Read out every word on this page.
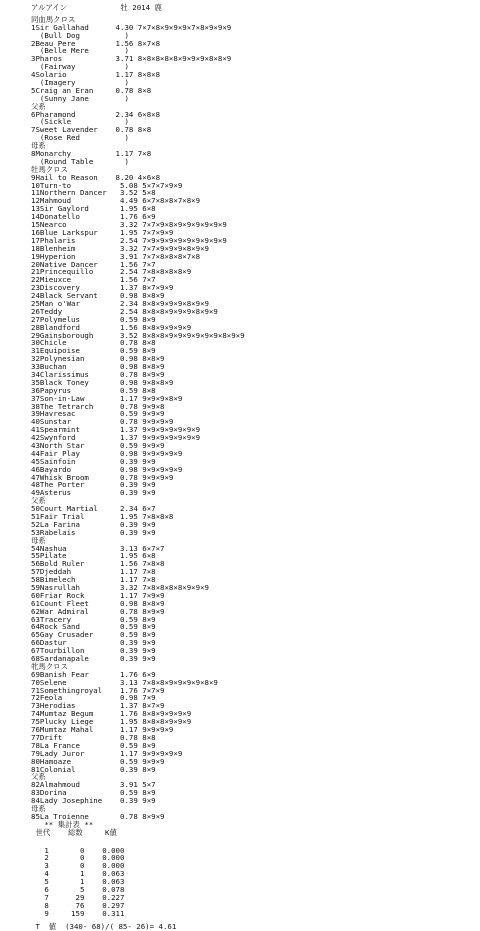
アルアイン	牡 2014 鹿
同血馬クロス
1Sir Gallahad      4.30 7×7×8×9×9×9×7×8×9×9×9
(Bull Dog          )
2Beau Pere         1.56 8×7×8
(Belle Mere        )
3Pharos            3.71 8×8×8×8×8×9×9×9×8×8×9
(Fairway           )
4Solario           1.17 8×8×8
(Imagery           )
5Craig an Eran     0.78 8×8
(Sunny Jane        )
父系
6Pharamond         2.34 6×8×8
(Sickle            )
7Sweet Lavender    0.78 8×8
(Rose Red          )
母系
8Monarchy          1.17 7×8
(Round Table       )
牡馬クロス
9Hail to Reason    8.20 4×6×8
10Turn-to           5.08 5×7×7×9×9
11Northern Dancer   3.52 5×8
12Mahmoud           4.49 6×7×8×8×7×8×9
13Sir Gaylord       1.95 6×8
14Donatello         1.76 6×9
15Nearco            3.32 7×7×9×8×9×9×9×9×9×9
16Blue Larkspur     1.95 7×7×9×9
17Phalaris          2.54 7×9×9×9×9×9×9×9×9×9
18Blenheim          3.32 7×7×9×9×9×8×9×9
19Hyperion          3.91 7×7×8×8×8×7×8
20Native Dancer     1.56 7×7
21Princequillo      2.54 7×8×8×8×8×9
22Mieuxce           1.56 7×7
23Discovery         1.37 8×7×9×9
24Black Servant     0.98 8×8×9
25Man o'War         2.34 8×8×9×9×9×8×9×9
26Teddy             2.54 8×8×8×9×9×9×8×9×9
27Polymelus         0.59 8×9
28Blandford         1.56 8×8×9×9×9×9
29Gainsborough      3.52 8×8×8×9×9×9×9×9×9×8×9×9
30Chicle            0.78 8×8
31Equipoise         0.59 8×9
32Polynesian        0.98 8×8×9
33Buchan            0.98 8×8×9
34Clarissimus       0.78 8×9×9
35Black Toney       0.98 9×8×8×9
36Papyrus           0.59 8×8
37Son-in-Law        1.17 9×9×9×8×9
38The Tetrarch      0.78 9×9×8
39Havresac          0.59 9×9×9
40Sunstar           0.78 9×9×9×9
41Spearmint         1.37 9×9×9×9×9×9×9
42Swynford          1.37 9×9×9×9×9×9×9
43North Star        0.59 9×9×9
44Fair Play         0.98 9×9×9×9×9
45Sainfoin          0.39 9×9
46Bayardo           0.98 9×9×9×9×9
47Whisk Broom       0.78 9×9×9×9
48The Porter        0.39 9×9
49Asterus           0.39 9×9
父系
50Court Martial     2.34 6×7
51Fair Trial        1.95 7×8×8×8
52La Farina         0.39 9×9
53Rabelais          0.39 9×9
母系
54Nashua            3.13 6×7×7
55Pilate            1.95 6×8
56Bold Ruler        1.56 7×8×8
57Djeddah           1.17 7×8
58Bimelech          1.17 7×8
59Nasrullah         3.32 7×8×8×8×8×9×9×9
60Friar Rock        1.17 7×9×9
61Count Fleet       0.98 8×8×9
62War Admiral       0.78 8×9×9
63Tracery           0.59 8×9
64Rock Sand         0.59 8×9
65Gay Crusader      0.59 8×9
66Dastur            0.39 9×9
67Tourbillon        0.39 9×9
68Sardanapale       0.39 9×9
牝馬クロス
69Banish Fear       1.76 6×9
70Selene            3.13 7×8×8×9×9×9×9×8×9
71Somethingroyal    1.76 7×7×9
72Feola             0.98 7×9
73Herodias          1.37 8×7×9
74Mumtaz Begum      1.76 8×8×9×9×9×9
75Plucky Liege      1.95 8×8×8×9×9×9
76Mumtaz Mahal      1.17 9×9×9×9
77Drift             0.78 8×8
78La France         0.59 8×9
79Lady Juror        1.17 9×9×9×9×9
80Hamoaze           0.59 9×9×9
81Colonial          0.39 8×9
父系
82Almahmoud         3.91 5×7
83Dorina            0.59 8×9
84Lady Josephine    0.39 9×9
母系
85La Troienne       0.78 8×9×9
** 集計表 **
世代    総数     K値
1       0    0.000
2       0    0.000
3       0    0.000
4       1    0.063
5       1    0.063
6       5    0.078
7      29    0.227
8      76    0.297
9     159    0.311
T  値  (340- 68)/( 85- 26)= 4.61
